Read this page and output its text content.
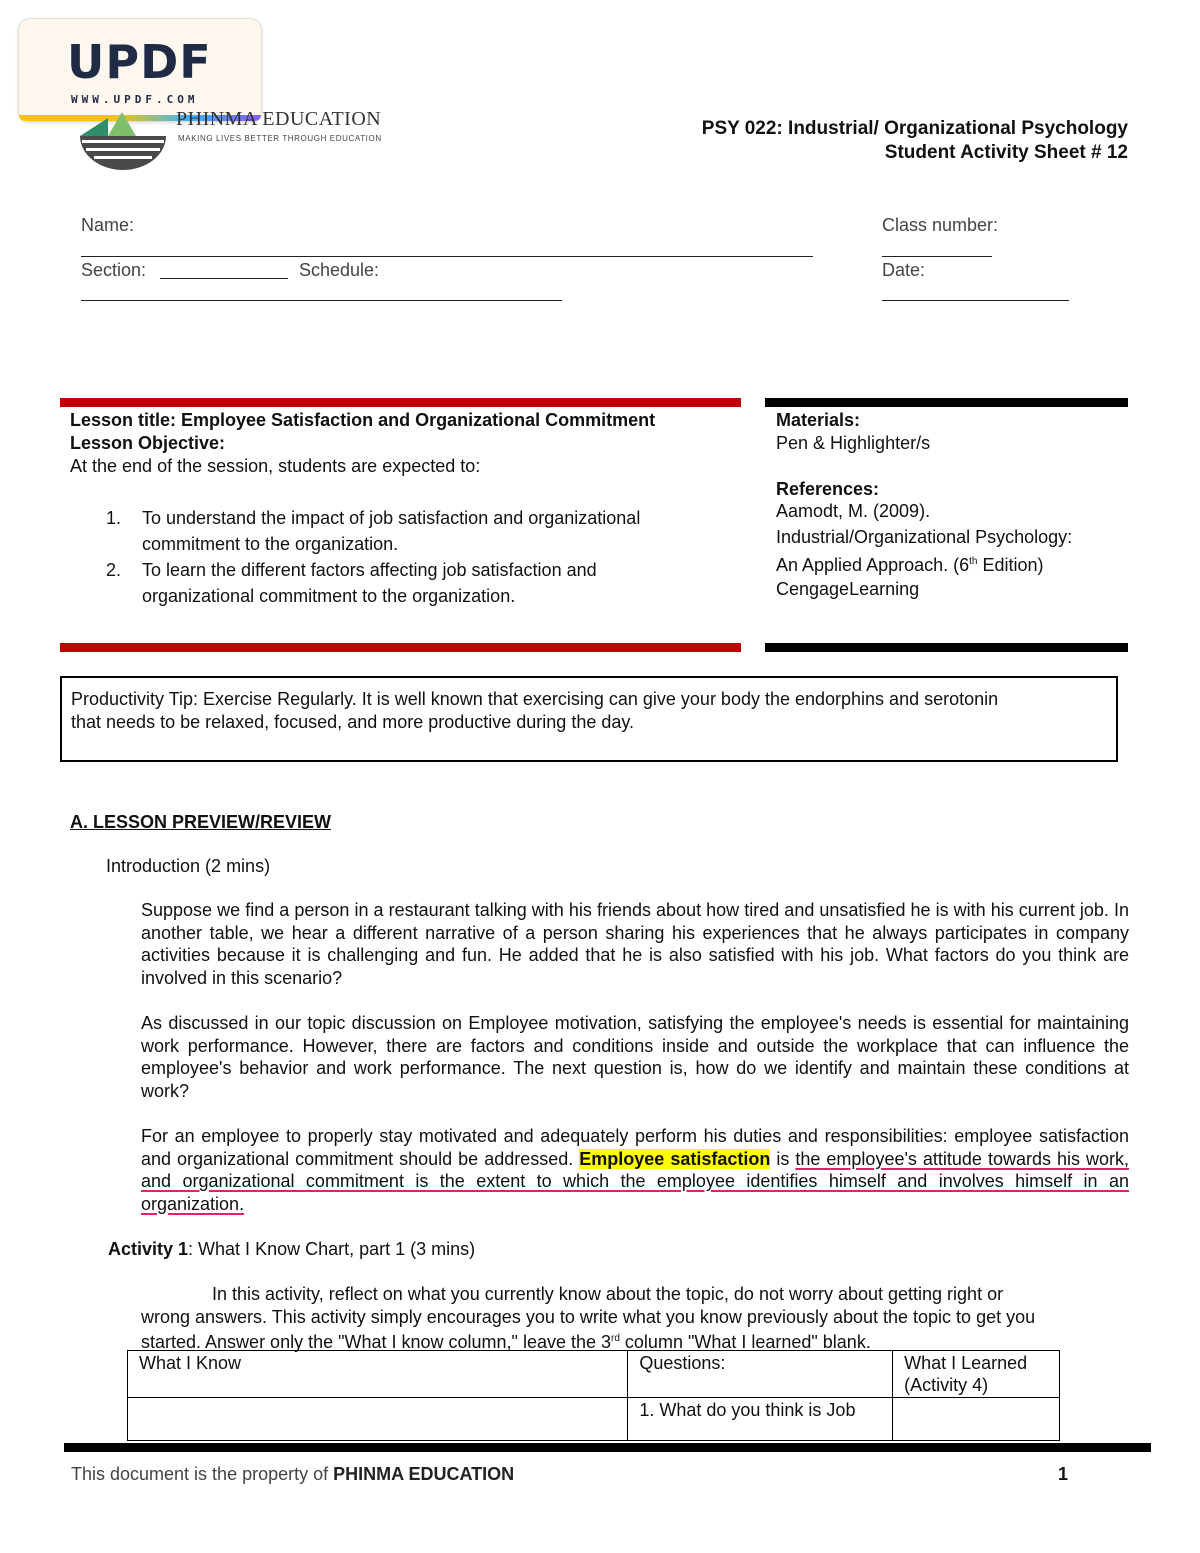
UPDF
WWW.UPDF.COM
PHINMA EDUCATION
MAKING LIVES BETTER THROUGH EDUCATION	PSY 022: Industrial/ Organizational Psychology
Student Activity Sheet # 12
Name:	Class number:
Section:	Schedule:	Date:
Lesson title: Employee Satisfaction and Organizational Commitment
Lesson Objective:
At the end of the session, students are expected to:
1. To understand the impact of job satisfaction and organizational
commitment to the organization.
2. To learn the different factors affecting job satisfaction and
organizational commitment to the organization.
Materials:
Pen & Highlighter/s
References:
Aamodt, M. (2009).
Industrial/Organizational Psychology:
An Applied Approach. (6th Edition)
CengageLearning
Productivity Tip: Exercise Regularly. It is well known that exercising can give your body the endorphins and serotonin
that needs to be relaxed, focused, and more productive during the day.
A. LESSON PREVIEW/REVIEW
Introduction (2 mins)
Suppose we find a person in a restaurant talking with his friends about how tired and unsatisfied he is with his current job. In another table, we hear a different narrative of a person sharing his experiences that he always participates in company activities because it is challenging and fun. He added that he is also satisfied with his job. What factors do you think are involved in this scenario?
As discussed in our topic discussion on Employee motivation, satisfying the employee's needs is essential for maintaining work performance. However, there are factors and conditions inside and outside the workplace that can influence the employee's behavior and work performance. The next question is, how do we identify and maintain these conditions at work?
For an employee to properly stay motivated and adequately perform his duties and responsibilities: employee satisfaction and organizational commitment should be addressed. Employee satisfaction is the employee's attitude towards his work, and organizational commitment is the extent to which the employee identifies himself and involves himself in an organization.
Activity 1: What I Know Chart, part 1 (3 mins)
In this activity, reflect on what you currently know about the topic, do not worry about getting right or
wrong answers. This activity simply encourages you to write what you know previously about the topic to get you
started. Answer only the "What I know column," leave the 3rd column "What I learned" blank.
What I Know	Questions:	What I Learned (Activity 4)
	1. What do you think is Job	
This document is the property of PHINMA EDUCATION	1
